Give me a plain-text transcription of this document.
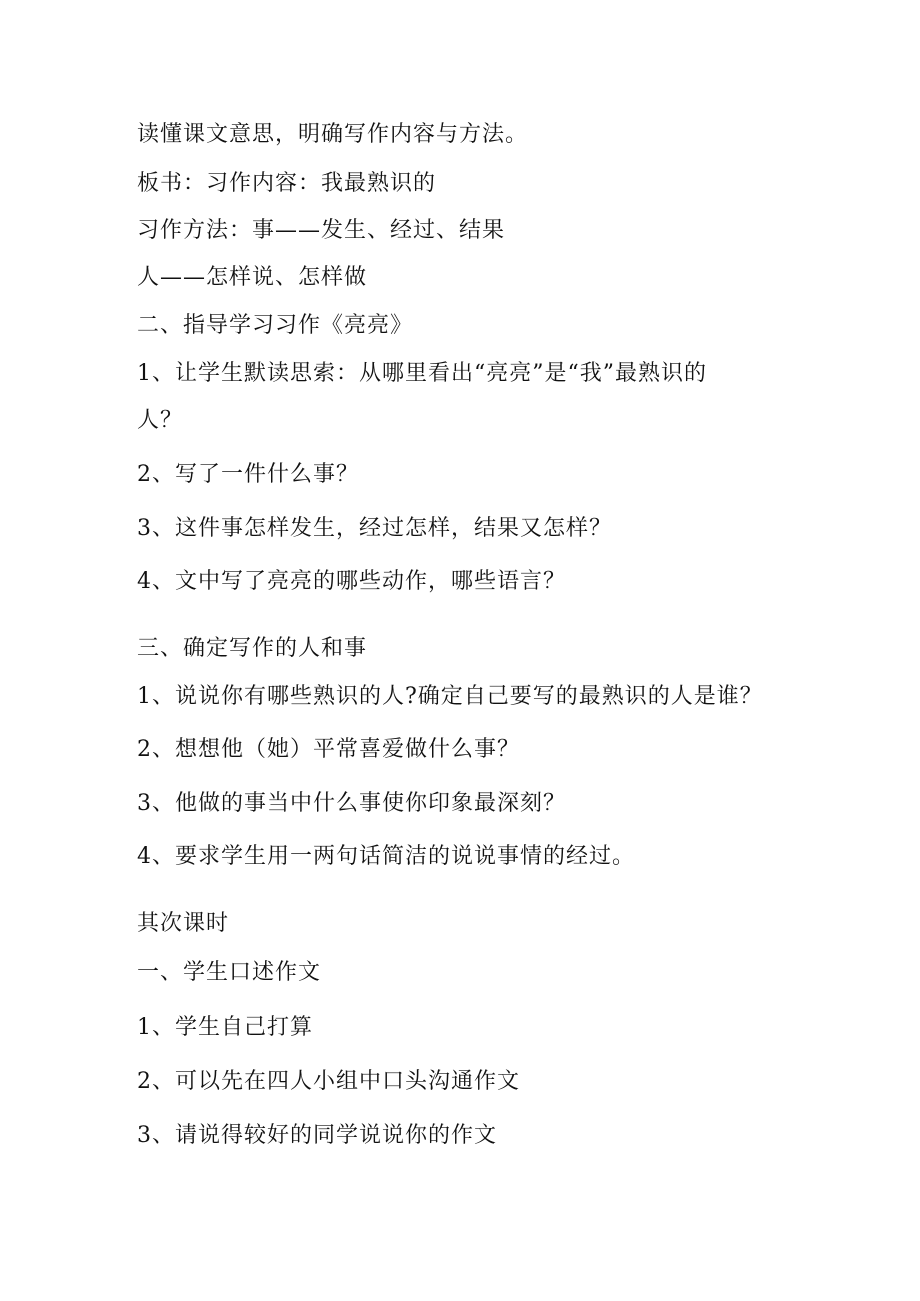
读懂课文意思，明确写作内容与方法。
板书：习作内容：我最熟识的
习作方法：事——发生、经过、结果
人——怎样说、怎样做
二、指导学习习作《亮亮》
1、让学生默读思索：从哪里看出“亮亮”是“我”最熟识的
人？
2、写了一件什么事？
3、这件事怎样发生，经过怎样，结果又怎样？
4、文中写了亮亮的哪些动作，哪些语言？
三、确定写作的人和事
1、说说你有哪些熟识的人?确定自己要写的最熟识的人是谁？
2、想想他（她）平常喜爱做什么事？
3、他做的事当中什么事使你印象最深刻？
4、要求学生用一两句话简洁的说说事情的经过。
其次课时
一、学生口述作文
1、学生自己打算
2、可以先在四人小组中口头沟通作文
3、请说得较好的同学说说你的作文
